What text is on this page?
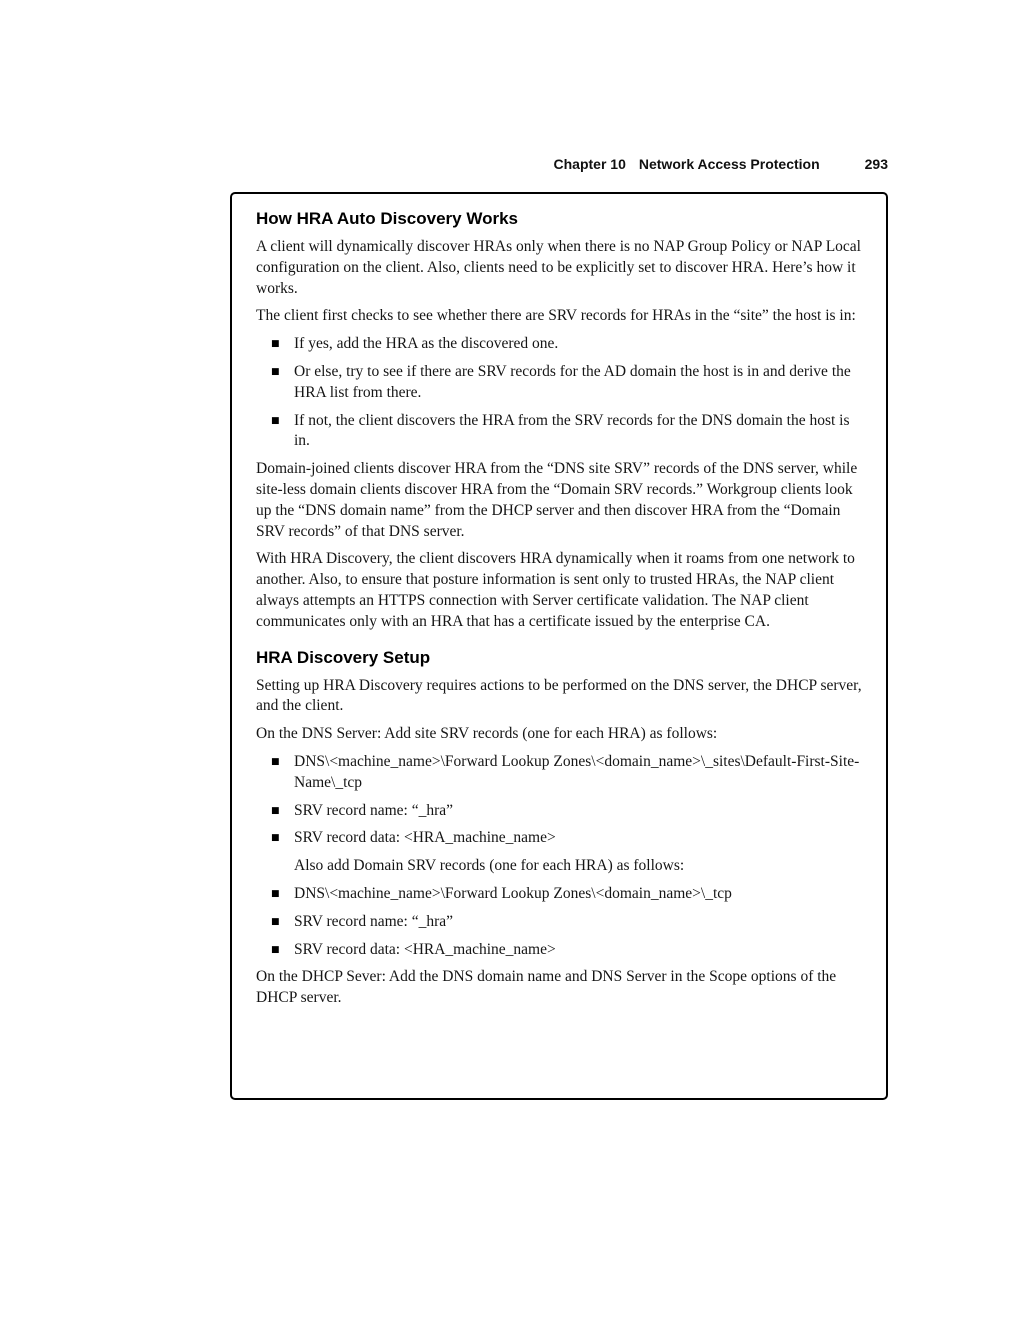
Chapter 10 Network Access Protection	293
How HRA Auto Discovery Works

A client will dynamically discover HRAs only when there is no NAP Group Policy or NAP Local configuration on the client. Also, clients need to be explicitly set to discover HRA. Here’s how it works.

The client first checks to see whether there are SRV records for HRAs in the “site” the host is in:

■ If yes, add the HRA as the discovered one.
■ Or else, try to see if there are SRV records for the AD domain the host is in and derive the HRA list from there.
■ If not, the client discovers the HRA from the SRV records for the DNS domain the host is in.

Domain-joined clients discover HRA from the “DNS site SRV” records of the DNS server, while site-less domain clients discover HRA from the “Domain SRV records.” Workgroup clients look up the “DNS domain name” from the DHCP server and then discover HRA from the “Domain SRV records” of that DNS server.

With HRA Discovery, the client discovers HRA dynamically when it roams from one network to another. Also, to ensure that posture information is sent only to trusted HRAs, the NAP client always attempts an HTTPS connection with Server certificate validation. The NAP client communicates only with an HRA that has a certificate issued by the enterprise CA.

HRA Discovery Setup

Setting up HRA Discovery requires actions to be performed on the DNS server, the DHCP server, and the client.

On the DNS Server: Add site SRV records (one for each HRA) as follows:

■ DNS\<machine_name>\Forward Lookup Zones\<domain_name>\_sites\Default-First-Site-Name\_tcp
■ SRV record name: “_hra”
■ SRV record data: <HRA_machine_name>

Also add Domain SRV records (one for each HRA) as follows:

■ DNS\<machine_name>\Forward Lookup Zones\<domain_name>\_tcp
■ SRV record name: “_hra”
■ SRV record data: <HRA_machine_name>

On the DHCP Sever: Add the DNS domain name and DNS Server in the Scope options of the DHCP server.
